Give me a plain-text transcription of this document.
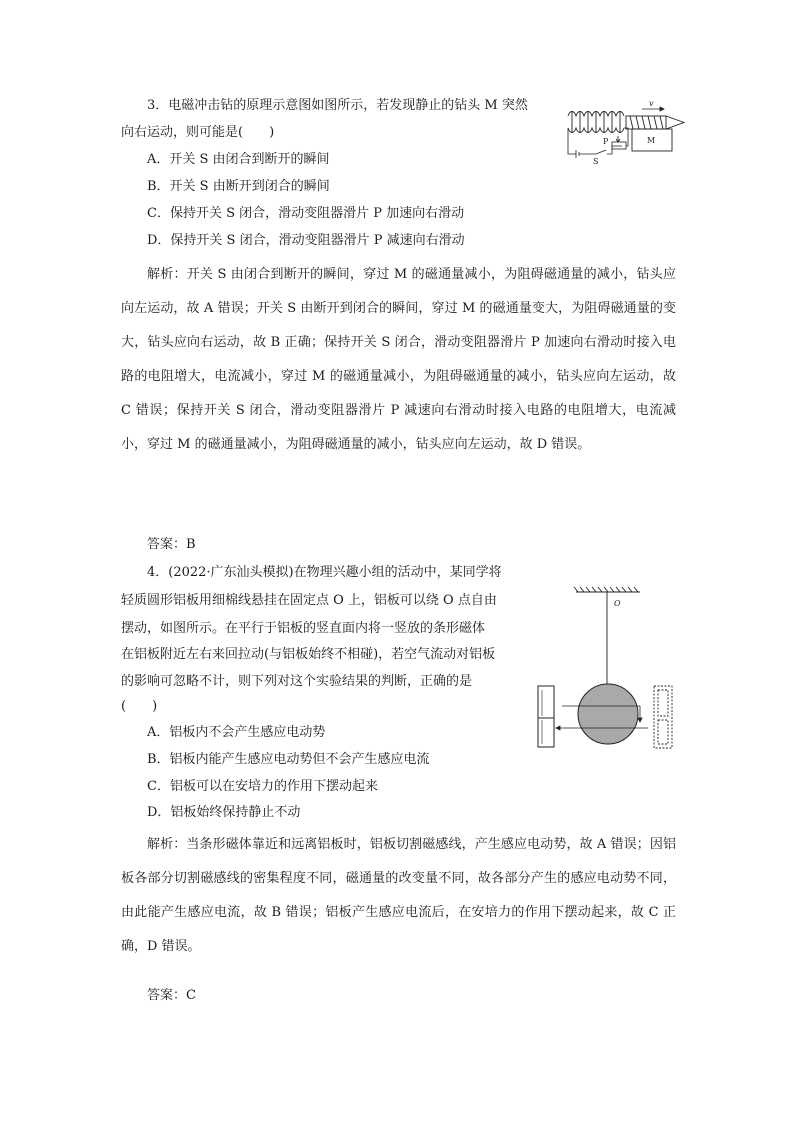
3．电磁冲击钻的原理示意图如图所示，若发现静止的钻头 M 突然
向右运动，则可能是(　　)
A．开关 S 由闭合到断开的瞬间
B．开关 S 由断开到闭合的瞬间
C．保持开关 S 闭合，滑动变阻器滑片 P 加速向右滑动
D．保持开关 S 闭合，滑动变阻器滑片 P 减速向右滑动
v
M
P
S

解析：开关 S 由闭合到断开的瞬间，穿过 M 的磁通量减小，为阻碍磁通量的减小，钻头应向左运动，故 A 错误；开关 S 由断开到闭合的瞬间，穿过 M 的磁通量变大，为阻碍磁通量的变大，钻头应向右运动，故 B 正确；保持开关 S 闭合，滑动变阻器滑片 P 加速向右滑动时接入电路的电阻增大，电流减小，穿过 M 的磁通量减小，为阻碍磁通量的减小，钻头应向左运动，故 C 错误；保持开关 S 闭合，滑动变阻器滑片 P 减速向右滑动时接入电路的电阻增大，电流减小，穿过 M 的磁通量减小，为阻碍磁通量的减小，钻头应向左运动，故 D 错误。

答案：B
4．(2022·广东汕头模拟)在物理兴趣小组的活动中，某同学将
轻质圆形铝板用细棉线悬挂在固定点 O 上，铝板可以绕 O 点自由
摆动，如图所示。在平行于铝板的竖直面内将一竖放的条形磁体
在铝板附近左右来回拉动(与铝板始终不相碰)，若空气流动对铝板
的影响可忽略不计，则下列对这个实验结果的判断，正确的是
(　　)
A．铝板内不会产生感应电动势
B．铝板内能产生感应电动势但不会产生感应电流
C．铝板可以在安培力的作用下摆动起来
D．铝板始终保持静止不动
O

解析：当条形磁体靠近和远离铝板时，铝板切割磁感线，产生感应电动势，故 A 错误；因铝板各部分切割磁感线的密集程度不同，磁通量的改变量不同，故各部分产生的感应电动势不同，由此能产生感应电流，故 B 错误；铝板产生感应电流后，在安培力的作用下摆动起来，故 C 正确，D 错误。

答案：C
